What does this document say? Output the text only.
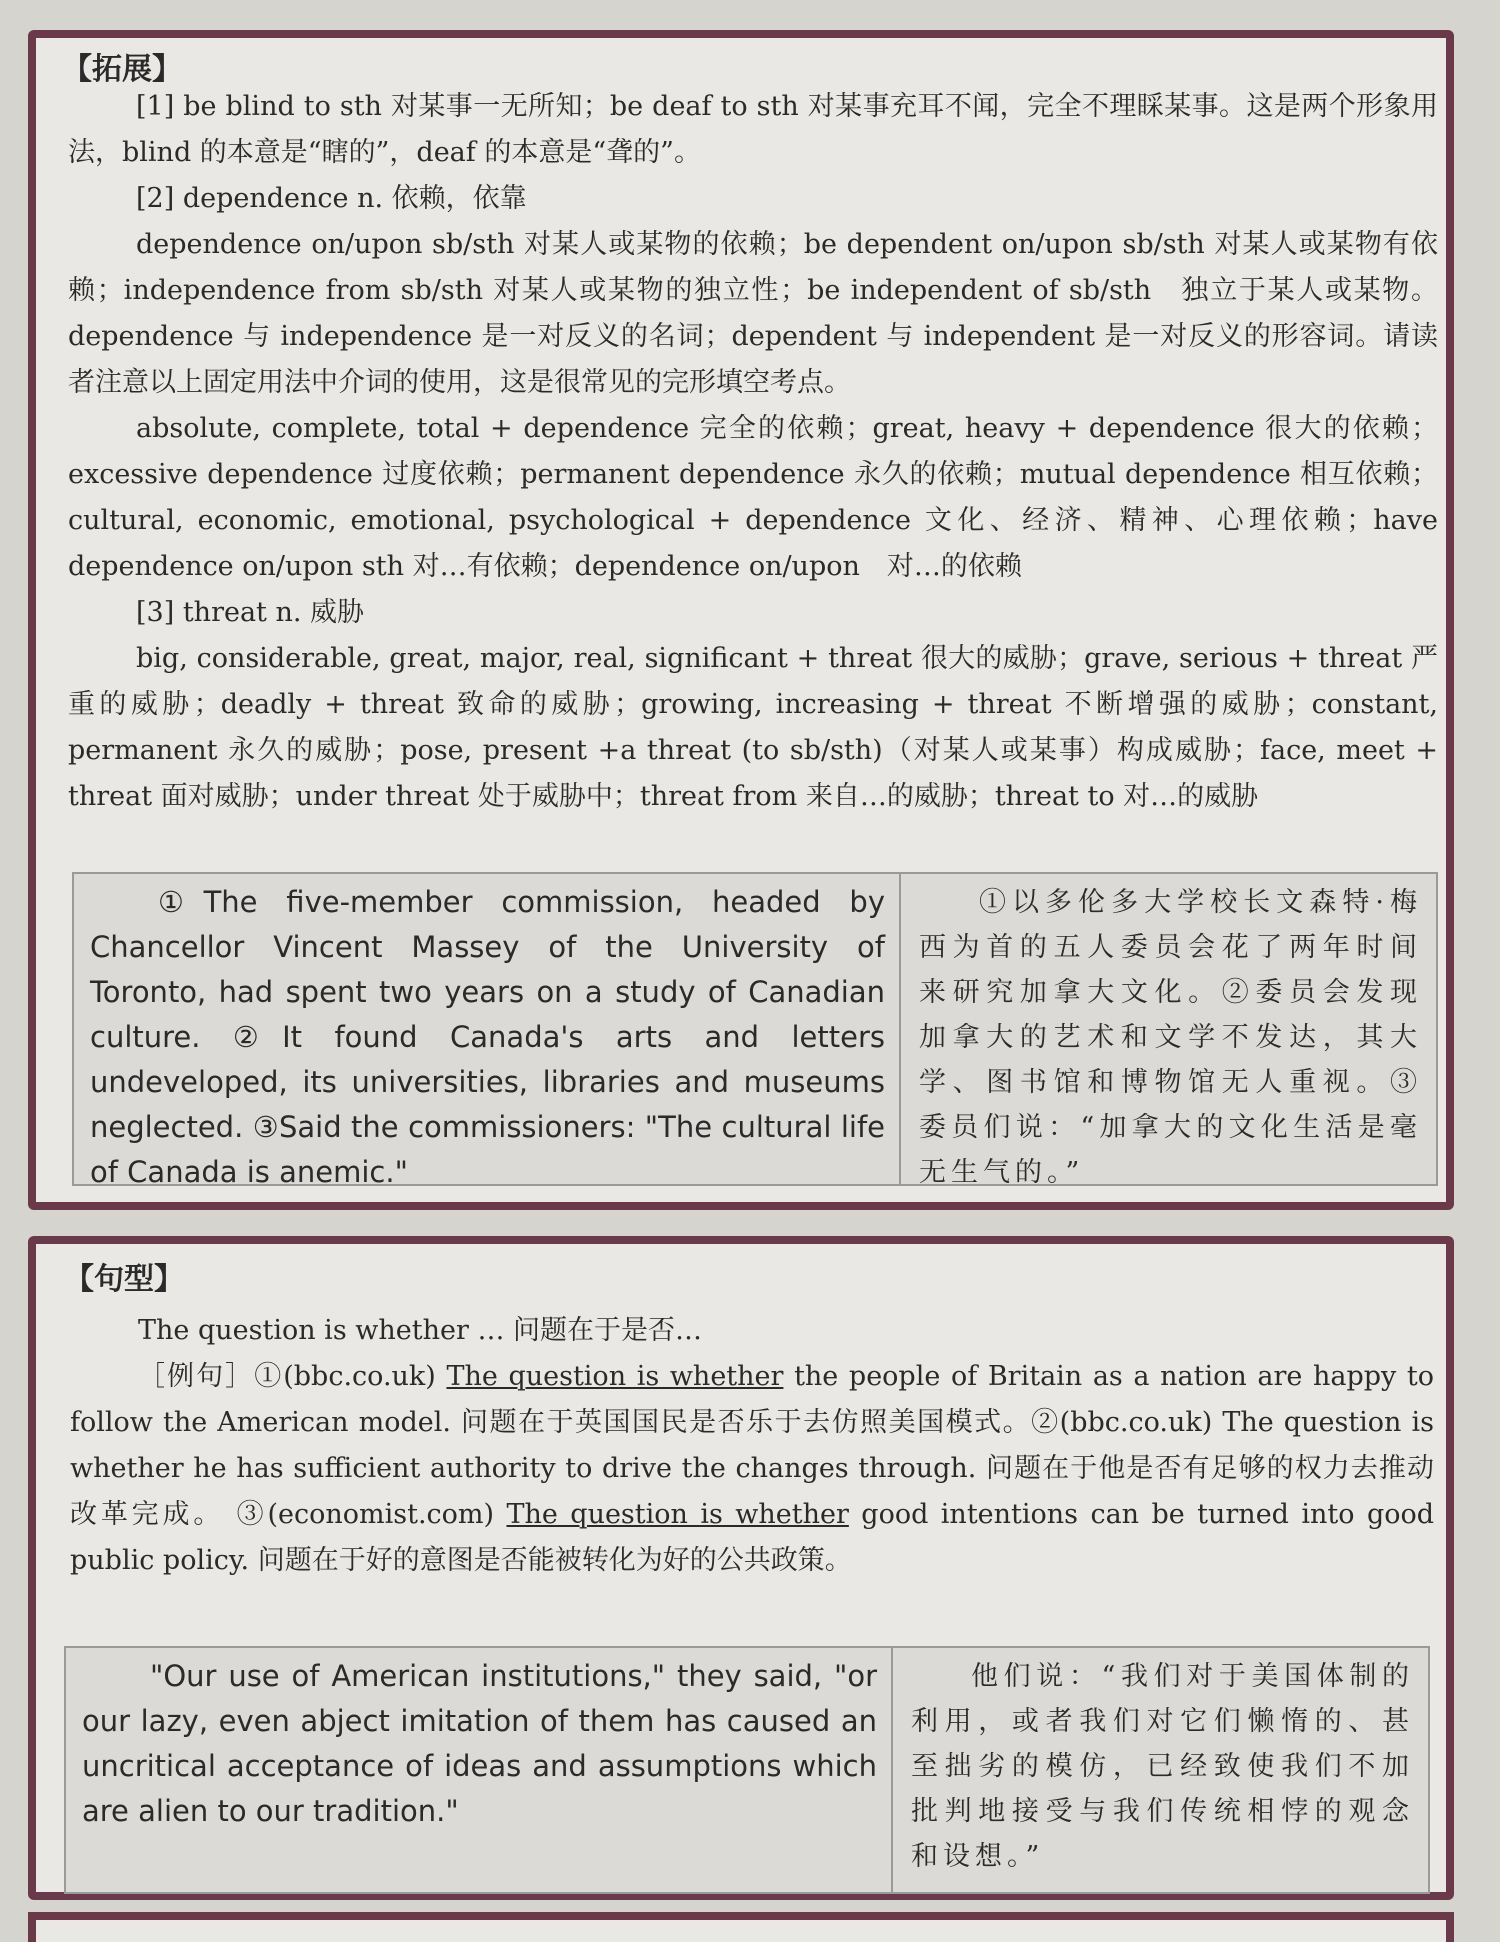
【拓展】

[1] be blind to sth 对某事一无所知；be deaf to sth 对某事充耳不闻，完全不理睬某事。这是两个形象用法，blind 的本意是“瞎的”，deaf 的本意是“聋的”。

[2] dependence n. 依赖，依靠

dependence on/upon sb/sth 对某人或某物的依赖；be dependent on/upon sb/sth 对某人或某物有依赖；independence from sb/sth 对某人或某物的独立性；be independent of sb/sth　独立于某人或某物。dependence 与 independence 是一对反义的名词；dependent 与 independent 是一对反义的形容词。请读者注意以上固定用法中介词的使用，这是很常见的完形填空考点。

absolute, complete, total + dependence 完全的依赖；great, heavy + dependence 很大的依赖；excessive dependence 过度依赖；permanent dependence 永久的依赖；mutual dependence 相互依赖；cultural, economic, emotional, psychological + dependence 文化、经济、精神、心理依赖；have dependence on/upon sth 对…有依赖；dependence on/upon　对…的依赖

[3] threat n. 威胁

big, considerable, great, major, real, significant + threat 很大的威胁；grave, serious + threat 严重的威胁；deadly + threat 致命的威胁；growing, increasing + threat 不断增强的威胁；constant, permanent 永久的威胁；pose, present +a threat (to sb/sth)（对某人或某事）构成威胁；face, meet + threat 面对威胁；under threat 处于威胁中；threat from 来自…的威胁；threat to 对…的威胁

①The five-member commission, headed by Chancellor Vincent Massey of the University of Toronto, had spent two years on a study of Canadian culture. ②It found Canada's arts and letters undeveloped, its universities, libraries and museums neglected. ③Said the commissioners: "The cultural life of Canada is anemic."

①以多伦多大学校长文森特·梅西为首的五人委员会花了两年时间来研究加拿大文化。②委员会发现加拿大的艺术和文学不发达，其大学、图书馆和博物馆无人重视。③委员们说：“加拿大的文化生活是毫无生气的。”

【句型】

The question is whether … 问题在于是否…

［例句］①(bbc.co.uk) The question is whether the people of Britain as a nation are happy to follow the American model. 问题在于英国国民是否乐于去仿照美国模式。②(bbc.co.uk) The question is whether he has sufficient authority to drive the changes through. 问题在于他是否有足够的权力去推动改革完成。 ③(economist.com) The question is whether good intentions can be turned into good public policy. 问题在于好的意图是否能被转化为好的公共政策。

"Our use of American institutions," they said, "or our lazy, even abject imitation of them has caused an uncritical acceptance of ideas and assumptions which are alien to our tradition."

他们说：“我们对于美国体制的利用，或者我们对它们懒惰的、甚至拙劣的模仿，已经致使我们不加批判地接受与我们传统相悖的观念和设想。”
